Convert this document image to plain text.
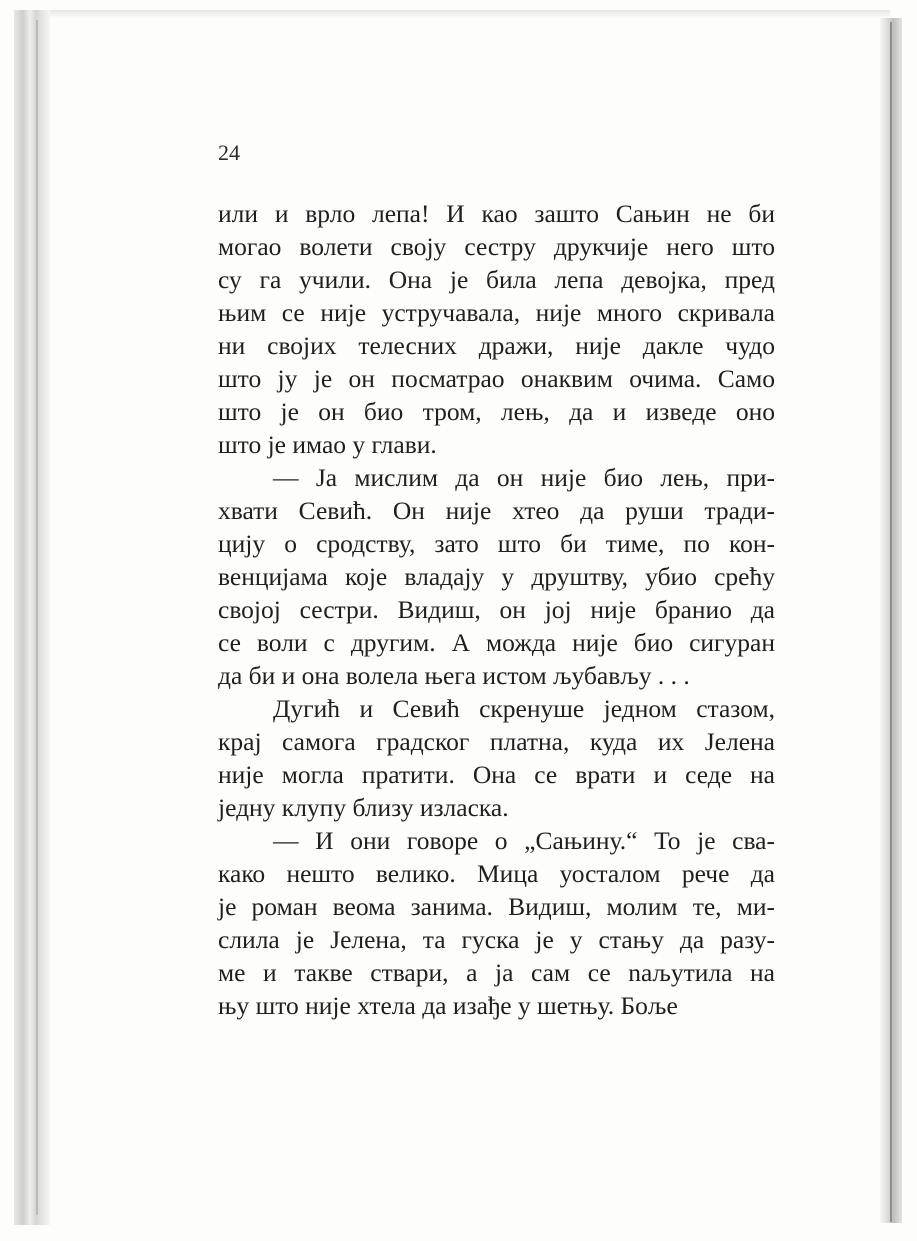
24

или и врло лепа! И као зашто Сањин не би
могао волети своју сестру друкчије него што
су га учили. Она је била лепа девојка, пред
њим се није устручавала, није много скривала
ни својих телесних дражи, није дакле чудо
што ју је он посматрао онаквим очима. Само
што је он био тром, лењ, да и изведе оно
што је имао у глави.
— Ја мислим да он није био лењ, при-
хвати Севић. Он није хтео да руши тради-
цију о сродству, зато што би тиме, по кон-
венцијама које владају у друштву, убио срећу
својој сестри. Видиш, он јој није бранио да
се воли с другим. А можда није био сигуран
да би и она волела њега истом љубављу . . .
Дугић и Севић скренуше једном стазом,
крај самога градског платна, куда их Јелена
није могла пратити. Она се врати и седе на
једну клупу близу изласка.
— И они говоре о „Сањину.“ То је сва-
како нешто велико. Мица уосталом рече да
је роман веома занима. Видиш, молим те, ми-
слила је Јелена, та гуска је у стању да разу-
ме и такве ствари, а ја сам се naљутила на
њу што није хтела да изађе у шетњу. Боље
